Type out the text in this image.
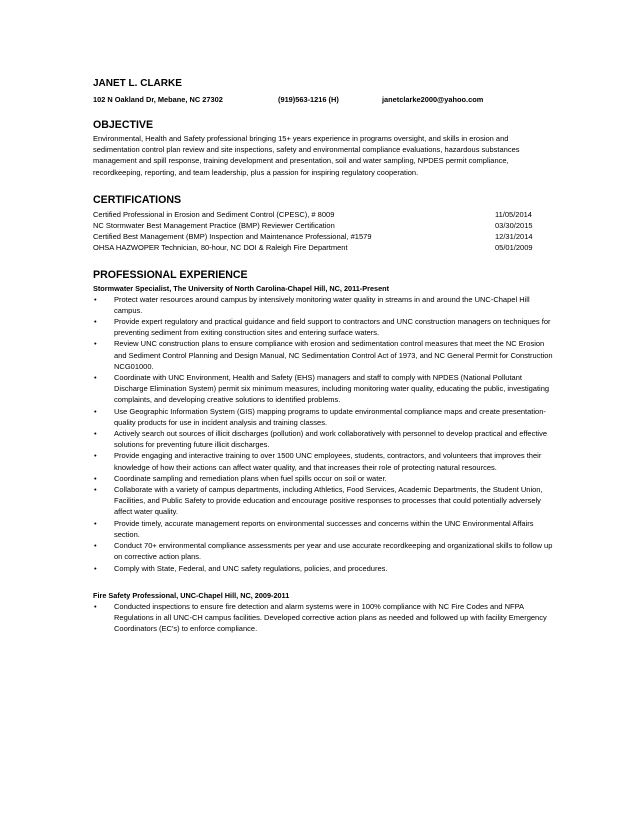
JANET L. CLARKE

102 N Oakland Dr, Mebane, NC 27302	(919)563-1216 (H)	janetclarke2000@yahoo.com

OBJECTIVE

Environmental, Health and Safety professional bringing 15+ years experience in programs oversight, and skills in erosion and sedimentation control plan review and site inspections, safety and environmental compliance evaluations, hazardous substances management and spill response, training development and presentation, soil and water sampling, NPDES permit compliance, recordkeeping, reporting, and team leadership, plus a passion for inspiring regulatory cooperation.

CERTIFICATIONS

Certified Professional in Erosion and Sediment Control (CPESC), # 8009	11/05/2014
NC Stormwater Best Management Practice (BMP) Reviewer Certification	03/30/2015
Certified Best Management (BMP) Inspection and Maintenance Professional, #1579	12/31/2014
OHSA HAZWOPER Technician, 80-hour, NC DOI & Raleigh Fire Department	05/01/2009

PROFESSIONAL EXPERIENCE

Stormwater Specialist, The University of North Carolina-Chapel Hill, NC, 2011-Present

• Protect water resources around campus by intensively monitoring water quality in streams in and around the UNC-Chapel Hill campus.
• Provide expert regulatory and practical guidance and field support to contractors and UNC construction managers on techniques for preventing sediment from exiting construction sites and entering surface waters.
• Review UNC construction plans to ensure compliance with erosion and sedimentation control measures that meet the NC Erosion and Sediment Control Planning and Design Manual, NC Sedimentation Control Act of 1973, and NC General Permit for Construction NCG01000.
• Coordinate with UNC Environment, Health and Safety (EHS) managers and staff to comply with NPDES (National Pollutant Discharge Elimination System) permit six minimum measures, including monitoring water quality, educating the public, investigating complaints, and developing creative solutions to identified problems.
• Use Geographic Information System (GIS) mapping programs to update environmental compliance maps and create presentation-quality products for use in incident analysis and training classes.
• Actively search out sources of illicit discharges (pollution) and work collaboratively with personnel to develop practical and effective solutions for preventing future illicit discharges.
• Provide engaging and interactive training to over 1500 UNC employees, students, contractors, and volunteers that improves their knowledge of how their actions can affect water quality, and that increases their role of protecting natural resources.
• Coordinate sampling and remediation plans when fuel spills occur on soil or water.
• Collaborate with a variety of campus departments, including Athletics, Food Services, Academic Departments, the Student Union, Facilities, and Public Safety to provide education and encourage positive responses to processes that could potentially adversely affect water quality.
• Provide timely, accurate management reports on environmental successes and concerns within the UNC Environmental Affairs section.
• Conduct 70+ environmental compliance assessments per year and use accurate recordkeeping and organizational skills to follow up on corrective action plans.
• Comply with State, Federal, and UNC safety regulations, policies, and procedures.

Fire Safety Professional, UNC-Chapel Hill, NC, 2009-2011

• Conducted inspections to ensure fire detection and alarm systems were in 100% compliance with NC Fire Codes and NFPA Regulations in all UNC-CH campus facilities. Developed corrective action plans as needed and followed up with facility Emergency Coordinators (EC's) to enforce compliance.
